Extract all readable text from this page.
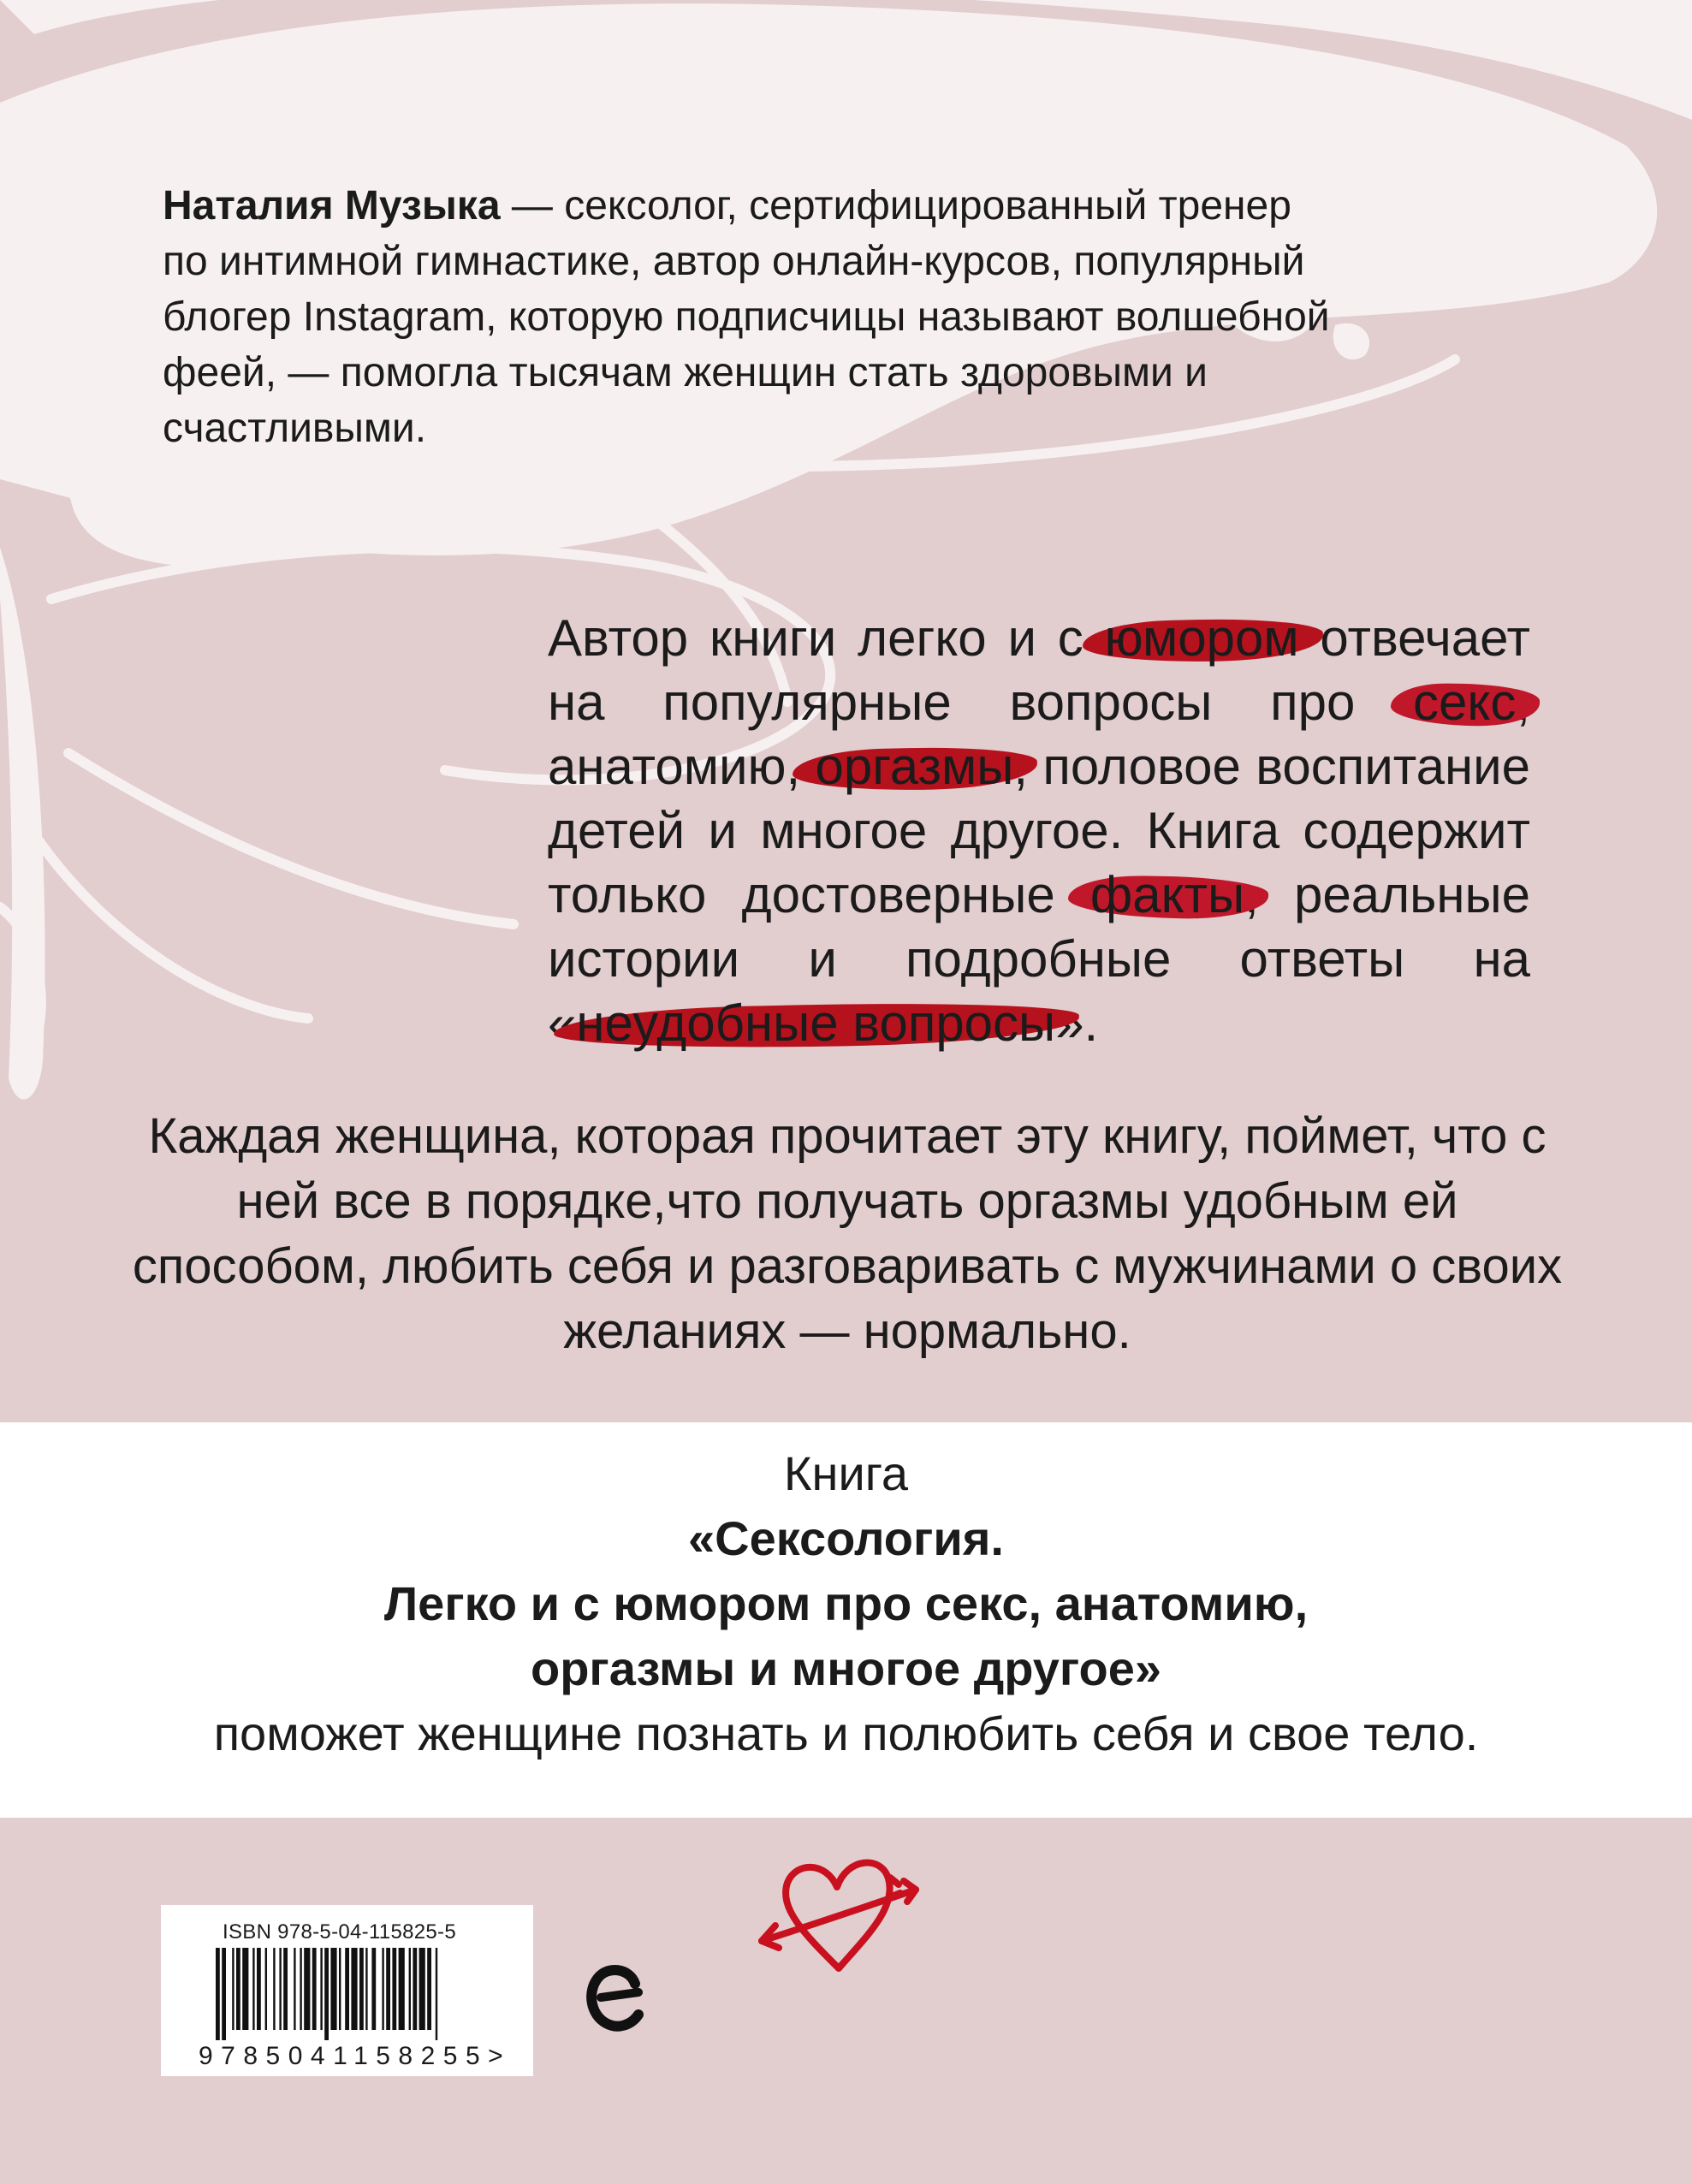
Наталия Музыка — сексолог, сертифицированный тренер по интимной гимнастике, автор онлайн-курсов, популярный блогер Instagram, которую подписчицы называют волшебной феей, — помогла тысячам женщин стать здоровыми и счастливыми.
Автор книги легко и с юмором отвечает на популярные вопросы про секс, анатомию, оргазмы, половое воспитание детей и многое другое. Книга содержит только достоверные факты, реальные истории и подробные ответы на «неудобные вопросы».
Каждая женщина, которая прочитает эту книгу, поймет, что с ней все в порядке,что получать оргазмы удобным ей способом, любить себя и разговаривать с мужчинами о своих желаниях — нормально.
Книга
«Сексология.
Легко и с юмором про секс, анатомию,
оргазмы и многое другое»
поможет женщине познать и полюбить себя и свое тело.
ISBN 978-5-04-115825-5
9785041158255>
